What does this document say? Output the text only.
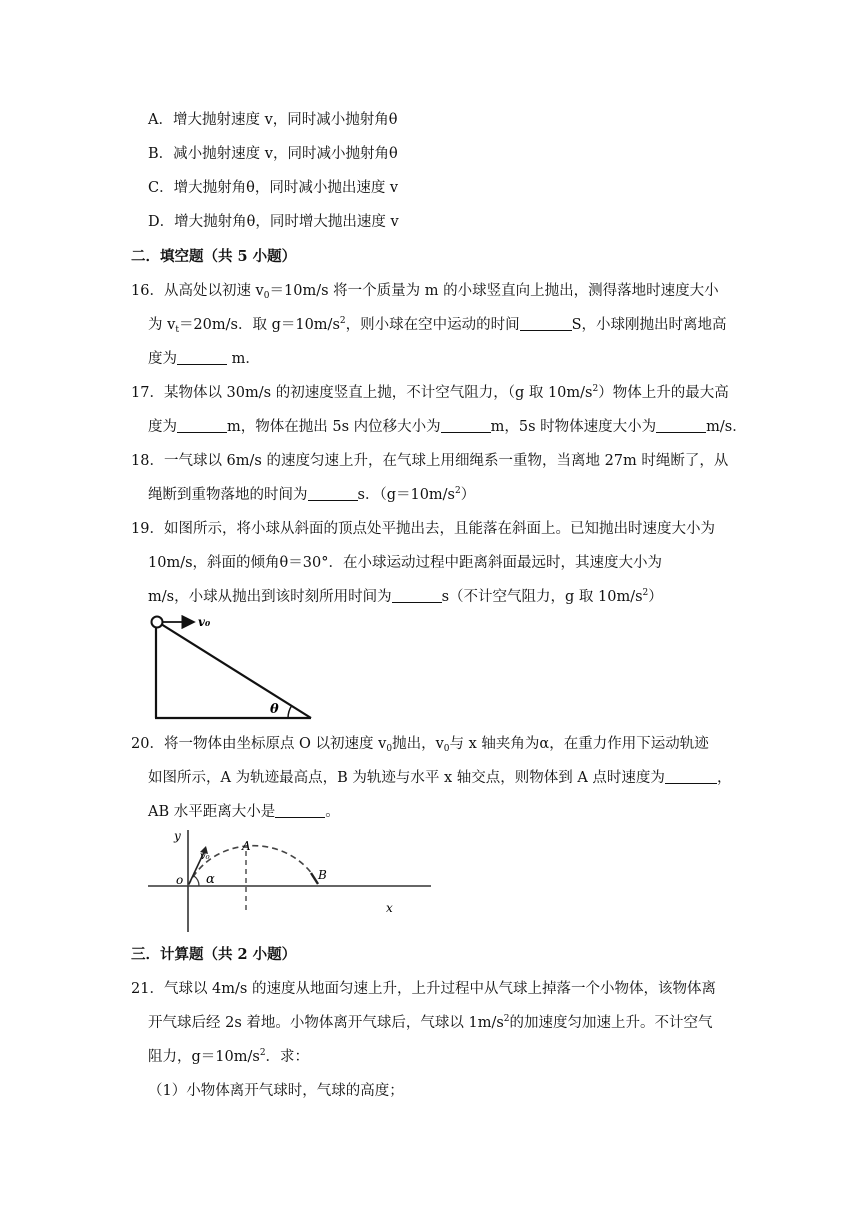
A．增大抛射速度 v，同时减小抛射角θ
B．减小抛射速度 v，同时减小抛射角θ
C．增大抛射角θ，同时减小抛出速度 v
D．增大抛射角θ，同时增大抛出速度 v
二．填空题（共 5 小题）
16．从高处以初速 $v_0=10m/s$ 将一个质量为 m 的小球竖直向上抛出，测得落地时速度大小
为 $v_t=20m/s$．取 $g=10m/s^2$，则小球在空中运动的时间	S，小球刚抛出时离地高
度为	m．
17．某物体以 30m/s 的初速度竖直上抛，不计空气阻力，（g 取 $10m/s^2$）物体上升的最大高
度为	m，物体在抛出 5s 内位移大小为	m，5s 时物体速度大小为	m/s．
18．一气球以 6m/s 的速度匀速上升，在气球上用细绳系一重物，当离地 27m 时绳断了，从
绳断到重物落地的时间为	s．$(g=10m/s^2)$
19．如图所示，将小球从斜面的顶点处平抛出去，且能落在斜面上。已知抛出时速度大小为
10m/s，斜面的倾角θ＝30°．在小球运动过程中距离斜面最远时，其速度大小为
m/s，小球从抛出到该时刻所用时间为	s（不计空气阻力，g 取 $10m/s^2$）
v₀
θ
20．将一物体由坐标原点 O 以初速度 $v_0$抛出，$v_0$与 x 轴夹角为α，在重力作用下运动轨迹
如图所示，A 为轨迹最高点，B 为轨迹与水平 x 轴交点，则物体到 A 点时速度为	，
AB 水平距离大小是	。
y
x
o
A
B
v₀
α
三．计算题（共 2 小题）
21．气球以 4m/s 的速度从地面匀速上升，上升过程中从气球上掉落一个小物体，该物体离
开气球后经 2s 着地。小物体离开气球后，气球以 $1m/s^2$的加速度匀加速上升。不计空气
阻力，$g=10m/s^2$．求：
（1）小物体离开气球时，气球的高度；
